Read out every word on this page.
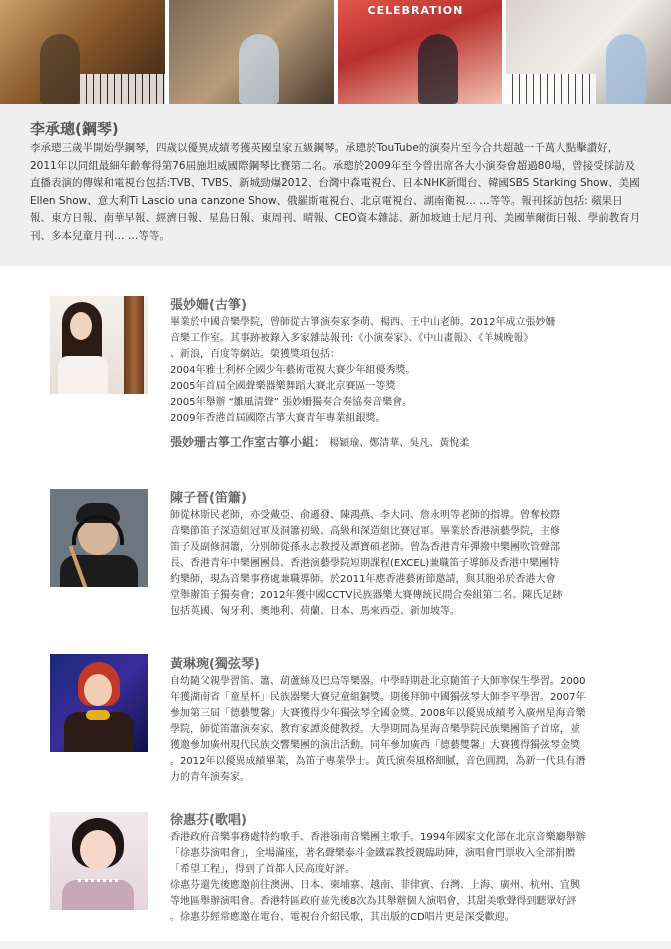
CELEBRATION
李承璁(鋼琴)
李承璁三歲半開始學鋼琴，四歲以優異成績考獲英國皇家五級鋼琴。承璁於TouTube的演奏片至今合共超越一千萬人點擊讚好，2011年以同組最細年齡奪得第76屆施坦威國際鋼琴比賽第二名。承璁於2009年至今曾出席各大小演奏會超過80場，曾接受採訪及直播表演的傳媒和電視台包括:TVB、TVBS、新城勁爆2012、台灣中森電視台、日本NHK新聞台、韓國SBS Starking Show、美國Ellen Show、意大利Ti Lascio una canzone Show、俄羅斯電視台、北京電視台、湖南衛視… …等等。報刊採訪包括: 蘋果日報、東方日報、南華早報、經濟日報、星島日報、東周刊、晴報、CEO資本雜誌、新加坡迪士尼月刊、美國華爾街日報、學前教育月刊、多本兒童月刊… …等等。
張妙姍(古箏)
畢業於中國音樂學院，曾師從古箏演奏家李萌、楊西、王中山老師。2012年成立張妙姍
音樂工作室。其事跡被錄入多家雜誌報刊:《小演奏家》、《中山畫報》、《羊城晚報》
、新浪，百度等網站。榮獲獎項包括：
2004年雅士利杯全國少年藝術電視大賽少年組優秀獎。
2005年首屆全國聲樂器樂舞蹈大賽北京賽區一等獎
2005年舉辦 “雛風清聲” 張妙姍獨奏合奏協奏音樂會。
2009年香港首屆國際古箏大賽青年專業組銀獎。
張妙珊古箏工作室古箏小組： 楊穎瑜、鄭清華、吳凡、黃悅柔
陳子晉(笛簫)
師從林斯民老師，亦受戴亞、俞遜發、陳鴻燕、李大同、詹永明等老師的指導。曾奪校際
音樂節笛子深造組冠軍及洞簫初級、高級和深造組比賽冠軍。畢業於香港演藝學院，主修
笛子及副修洞簫，分別師從孫永志教授及譚寶碩老師。曾為香港青年彈撥中樂團吹管聲部
長、香港青年中樂團團員、香港演藝學院短期課程(EXCEL)兼職笛子導師及香港中樂團特
約樂師，現為音樂事務處兼職導師。於2011年應香港藝術節邀請，與其胞弟於香港大會
堂舉辦笛子獨奏會；2012年獲中國CCTV民族器樂大賽傳統民間合奏組第二名。陳氏足跡
包括英國、匈牙利、奧地利、荷蘭、日本、馬來西亞、新加坡等。
黃琳琬(獨弦琴)
自幼隨父親學習笛、簫、葫蘆絲及巴烏等樂器。中學時期赴北京隨笛子大師寧保生學習。2000
年獲湖南省「童星杯」民族器樂大賽兒童組銅獎。期後拜師中國獨弦琴大師李平學習。2007年
參加第三屆「德藝雙馨」大賽獲得少年獨弦琴全國金獎。2008年以優異成績考入廣州星海音樂
學院，師從笛簫演奏家、教育家譚炎健教授。大學期間為星海音樂學院民族樂團笛子首席，並
獲邀參加廣州現代民族交響樂團的演出活動。同年參加廣西「德藝雙馨」大賽獲得獨弦琴金獎
。2012年以優異成績畢業，為笛子專業學士。黃氏演奏風格細膩，音色圓潤，為新一代具有潛
力的青年演奏家。
徐惠芬(歌唱)
香港政府音樂事務處特約歌手、香港嶺南音樂團主歌手。1994年國家文化部在北京音樂廳舉辦
「徐惠芬演唱會」，全場滿座，著名聲樂泰斗金鐵霖教授親臨助陣，演唱會門票收入全部捐贈
「希望工程」，得到了首都人民高度好評。
徐惠芬還先後應邀前往澳洲、日本、柬埔寨、越南、菲律賓、台灣、上海、廣州、杭州、宜興
等地區舉辦演唱會。香港特區政府並先後8次為其舉辦個人演唱會，其甜美歌聲得到聽眾好評
。徐惠芬經常應邀在電台、電視台介紹民歌，其出版的CD唱片更是深受歡迎。
